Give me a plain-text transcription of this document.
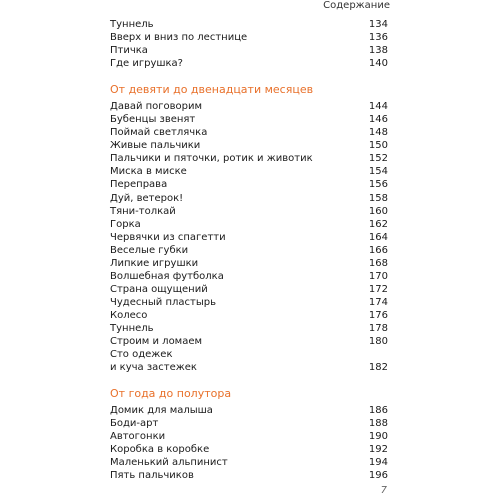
Содержание
Туннель	134
Вверх и вниз по лестнице	136
Птичка	138
Где игрушка?	140
От девяти до двенадцати месяцев
Давай поговорим	144
Бубенцы звенят	146
Поймай светлячка	148
Живые пальчики	150
Пальчики и пяточки, ротик и животик	152
Миска в миске	154
Переправа	156
Дуй, ветерок!	158
Тяни-толкай	160
Горка	162
Червячки из спагетти	164
Веселые губки	166
Липкие игрушки	168
Волшебная футболка	170
Страна ощущений	172
Чудесный пластырь	174
Колесо	176
Туннель	178
Строим и ломаем	180
Сто одежек
и куча застежек	182
От года до полутора
Домик для малыша	186
Боди-арт	188
Автогонки	190
Коробка в коробке	192
Маленький альпинист	194
Пять пальчиков	196
7
